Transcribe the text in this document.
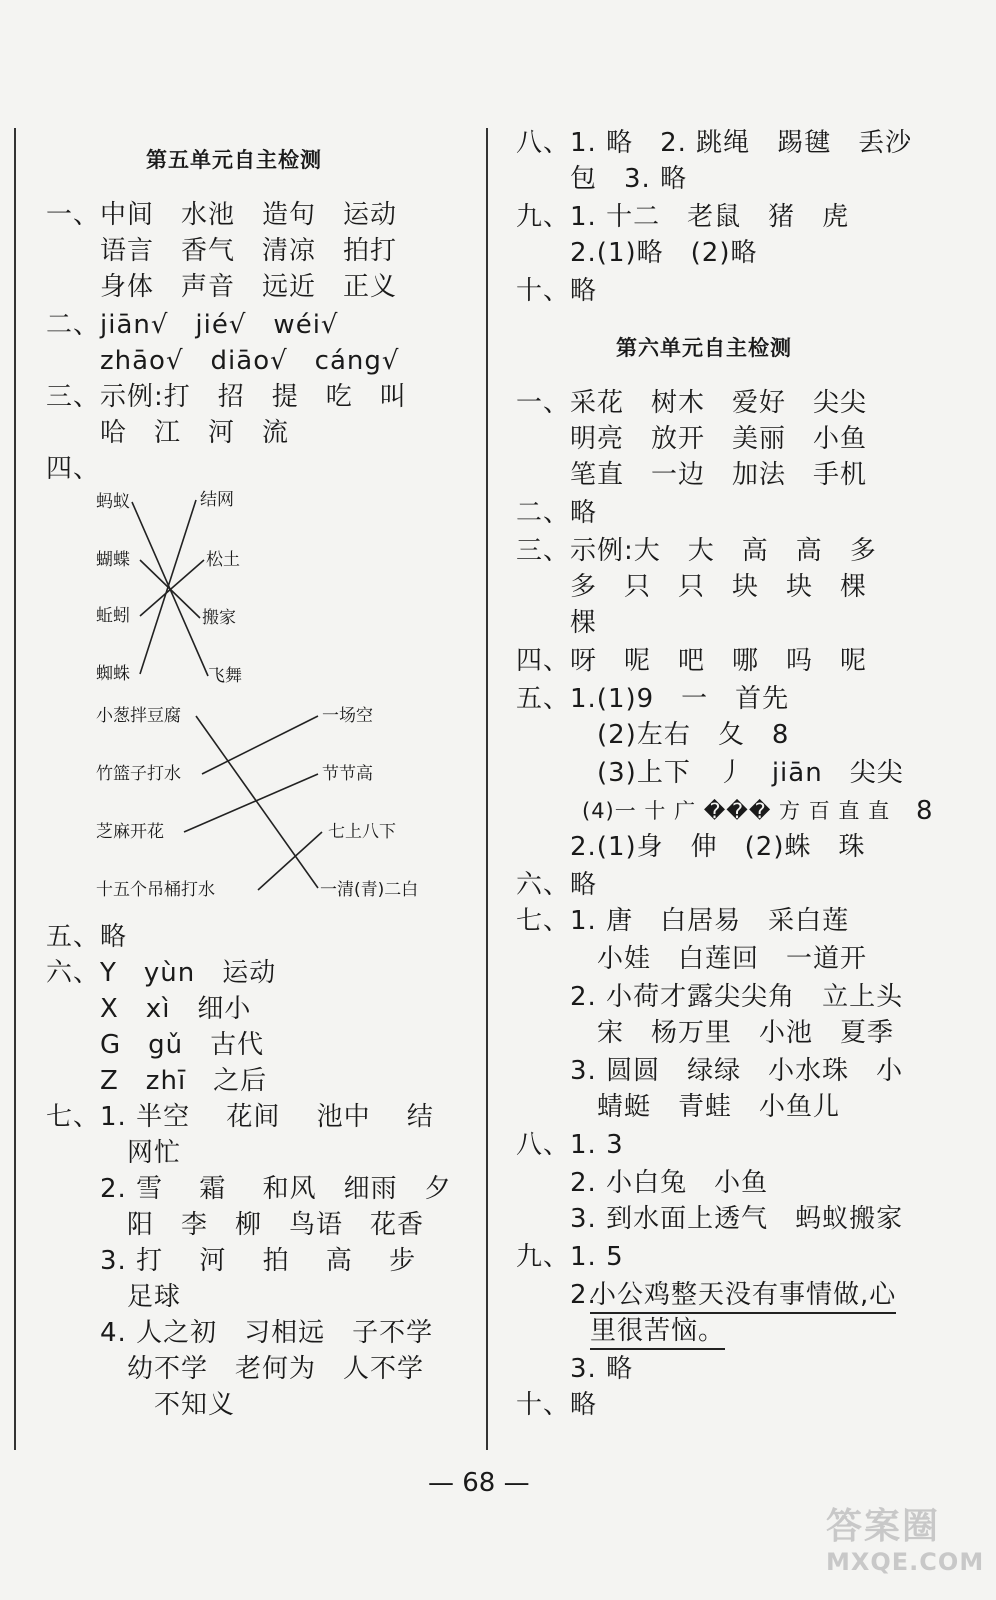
第五单元自主检测
一、中间　水池　造句　运动
　　语言　香气　清凉　拍打
　　身体　声音　远近　正义
二、jiān√　jié√　wéi√
　　zhāo√　diāo√　cáng√
三、示例:打　招　提　吃　叫
　　哈　江　河　流
四、
蚂蚁
蝴蝶
蚯蚓
蜘蛛
结网
松土
搬家
飞舞
小葱拌豆腐
竹篮子打水
芝麻开花
十五个吊桶打水
一场空
节节高
七上八下
一清(青)二白
五、略
六、Y　yùn　运动
　　X　xì　细小
　　G　gǔ　古代
　　Z　zhī　之后
七、1. 半空　 花间　 池中　 结
　　　网忙
　　2. 雪　 霜　 和风　细雨　夕
　　　阳　李　柳　鸟语　花香
　　3. 打　 河　 拍　 高　 步
　　　足球
　　4. 人之初　习相远　子不学
　　　幼不学　老何为　人不学
　　　　不知义
八、1. 略　2. 跳绳　踢毽　丢沙
　　包　3. 略
九、1. 十二　老鼠　猪　虎
　　2.(1)略　(2)略
十、略
第六单元自主检测
一、采花　树木　爱好　尖尖
　　明亮　放开　美丽　小鱼
　　笔直　一边　加法　手机
二、略
三、示例:大　大　高　高　多
　　多　只　只　块　块　棵
　　棵
四、呀　呢　吧　哪　吗　呢
五、1.(1)9　一　首先
　　　(2)左右　夂　8
　　　(3)上下　丿　jiān　尖尖
　　　(4)一 十 广 ��� 方 百 直 直 8
　　2.(1)身　伸　(2)蛛　珠
六、略
七、1. 唐　白居易　采白莲
　　　小娃　白莲回　一道开
　　2. 小荷才露尖尖角　立上头
　　　宋　杨万里　小池　夏季
　　3. 圆圆　绿绿　小水珠　小
　　　蜻蜓　青蛙　小鱼儿
八、1. 3
　　2. 小白兔　小鱼
　　3. 到水面上透气　蚂蚁搬家
九、1. 5
　　2.
小公鸡整天没有事情做,心
里很苦恼。
　　3. 略
十、略
— 68 —
答案圈
MXQE.COM
